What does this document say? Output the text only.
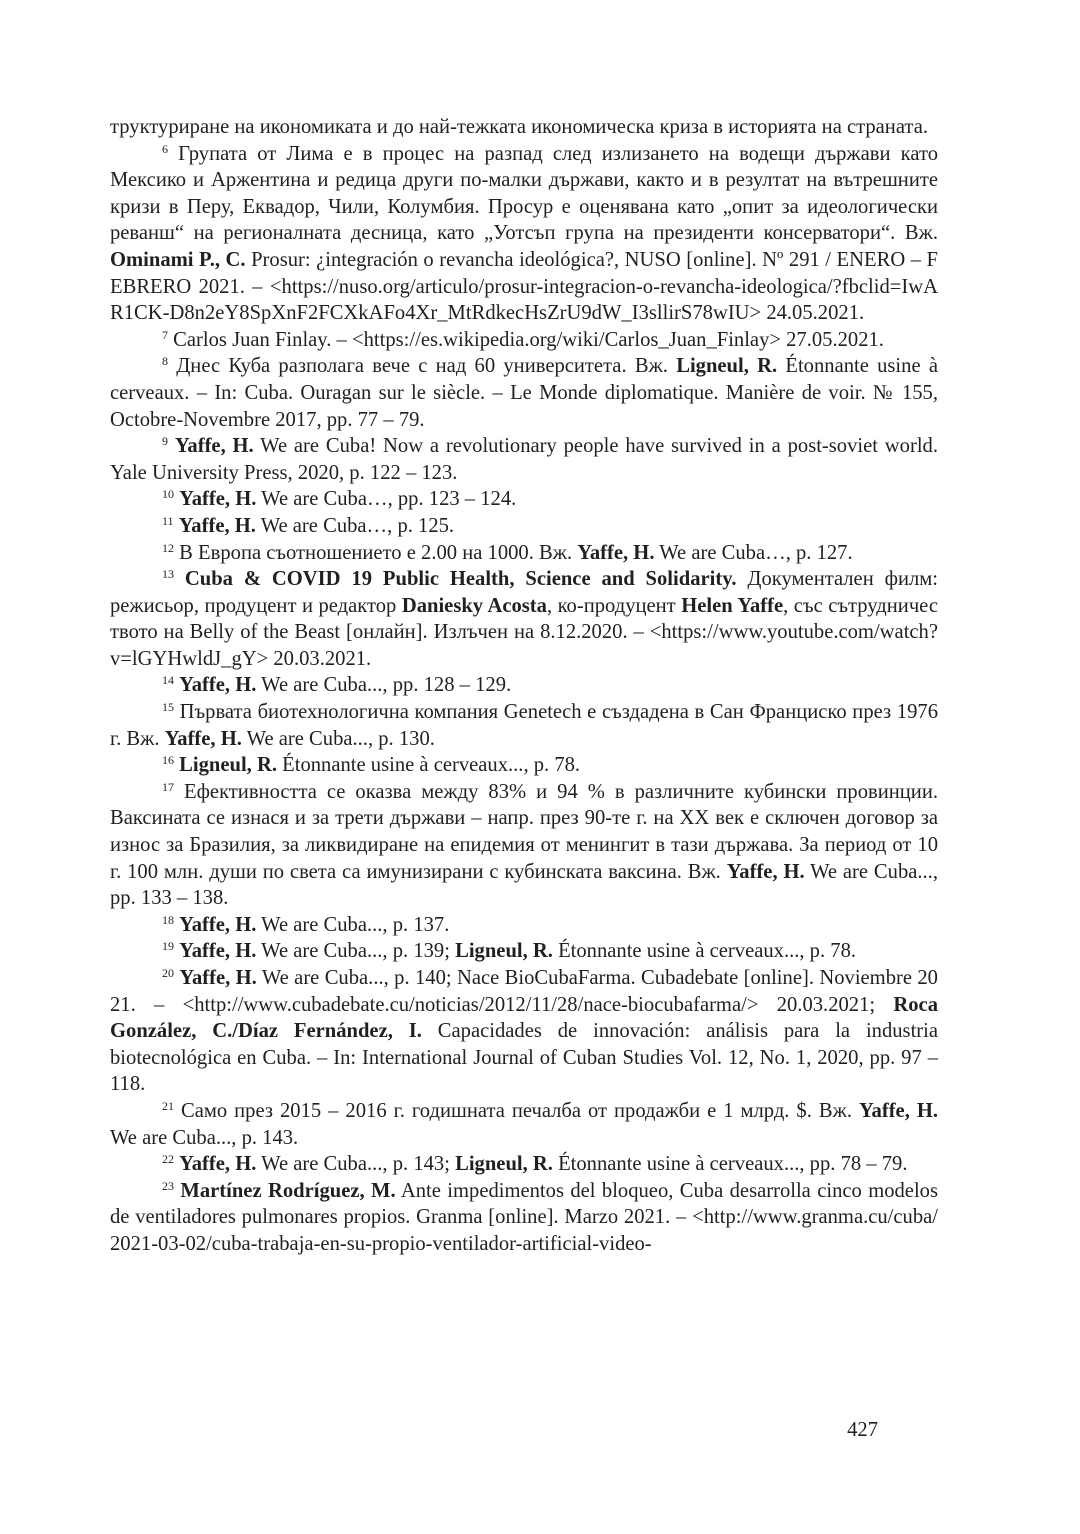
труктуриране на икономиката и до най-тежката икономическа криза в историята на страната.

$^6$ Групата от Лима е в процес на разпад след излизането на водещи държави като Мексико и Аржентина и редица други по-малки държави, както и в резултат на вътрешните кризи в Перу, Еквадор, Чили, Колумбия. Просур е оценявана като „опит за идеологически реванш“ на регионалната десница, като „Уотсъп група на президенти консерватори“. Вж. Ominami P., C. Prosur: ¿integración o revancha ideológica?, NUSO [online]. Nº 291 / ENERO – FEBRERO 2021. – <https://nuso.org/articulo/prosur-​integracion-o-revancha-ideologica/?fbclid=IwAR1CK-D8n2eY8SpXnF2FCXkAFo4Xr_​MtRdkecHsZrU9dW_I3sllirS78wIU> 24.05.2021.

$^7$ Carlos Juan Finlay. – <https://es.wikipedia.org/wiki/Carlos_Juan_Finlay> 27.05.2021.

$^8$ Днес Куба разполага вече с над 60 университета. Вж. Ligneul, R. Étonnante usine à cerveaux. – In: Cuba. Ouragan sur le siècle. – Le Monde diplomatique. Manière de voir. № 155, Octobre-Novembre 2017, pp. 77 – 79.

$^9$ Yaffe, H. We are Cuba! Now a revolutionary people have survived in a post-soviet world. Yale University Press, 2020, p. 122 – 123.

$^{10}$ Yaffe, H. We are Cuba…, pp. 123 – 124.

$^{11}$ Yaffe, H. We are Cuba…, p. 125.

$^{12}$ В Европа съотношението е 2.00 на 1000. Вж. Yaffe, H. We are Cuba…, p. 127.

$^{13}$ Cuba & COVID 19 Public Health, Science and Solidarity. Документален филм: режисьор, продуцент и редактор Daniesky Acosta, ко-продуцент Helen Yaffe, със сътрудничеството на Belly of the Beast [онлайн]. Излъчен на 8.12.2020. – <https://​www.youtube.com/watch?v=lGYHwldJ_gY> 20.03.2021.

$^{14}$ Yaffe, H. We are Cuba..., pp. 128 – 129.

$^{15}$ Първата биотехнологична компания Genetech е създадена в Сан Франциско през 1976 г. Вж. Yaffe, H. We are Cuba..., p. 130.

$^{16}$ Ligneul, R. Étonnante usine à cerveaux..., p. 78.

$^{17}$ Ефективността се оказва между 83% и 94 % в различните кубински провинции. Ваксината се изнася и за трети държави – напр. през 90-те г. на XX век е сключен договор за износ за Бразилия, за ликвидиране на епидемия от менингит в тази държава. За период от 10 г. 100 млн. души по света са имунизирани с кубинската ваксина. Вж. Yaffe, H. We are Cuba..., pp. 133 – 138.

$^{18}$ Yaffe, H. We are Cuba..., p. 137.

$^{19}$ Yaffe, H. We are Cuba..., p. 139; Ligneul, R. Étonnante usine à cerveaux..., p. 78.

$^{20}$ Yaffe, H. We are Cuba..., p. 140; Nace BioCubaFarma. Cubadebate [online]. Noviembre 2021. – <http://www.cubadebate.cu/noticias/2012/11/28/nace-biocubafarma/> 20.03.2021; Roca González, C./Díaz Fernández, I. Capacidades de innovación: análisis para la industria biotecnológica en Cuba. – In: International Journal of Cuban Studies Vol. 12, No. 1, 2020, pp. 97 – 118.

$^{21}$ Само през 2015 – 2016 г. годишната печалба от продажби е 1 млрд. $. Вж. Yaffe, H. We are Cuba..., p. 143.

$^{22}$ Yaffe, H. We are Cuba..., p. 143; Ligneul, R. Étonnante usine à cerveaux..., pp. 78 – 79.

$^{23}$ Martínez Rodríguez, M. Ante impedimentos del bloqueo, Cuba desarrolla cinco modelos de ventiladores pulmonares propios. Granma [online]. Marzo 2021. – <http://​www.granma.cu/cuba/2021-03-02/cuba-trabaja-en-su-propio-ventilador-artificial-video-

427
